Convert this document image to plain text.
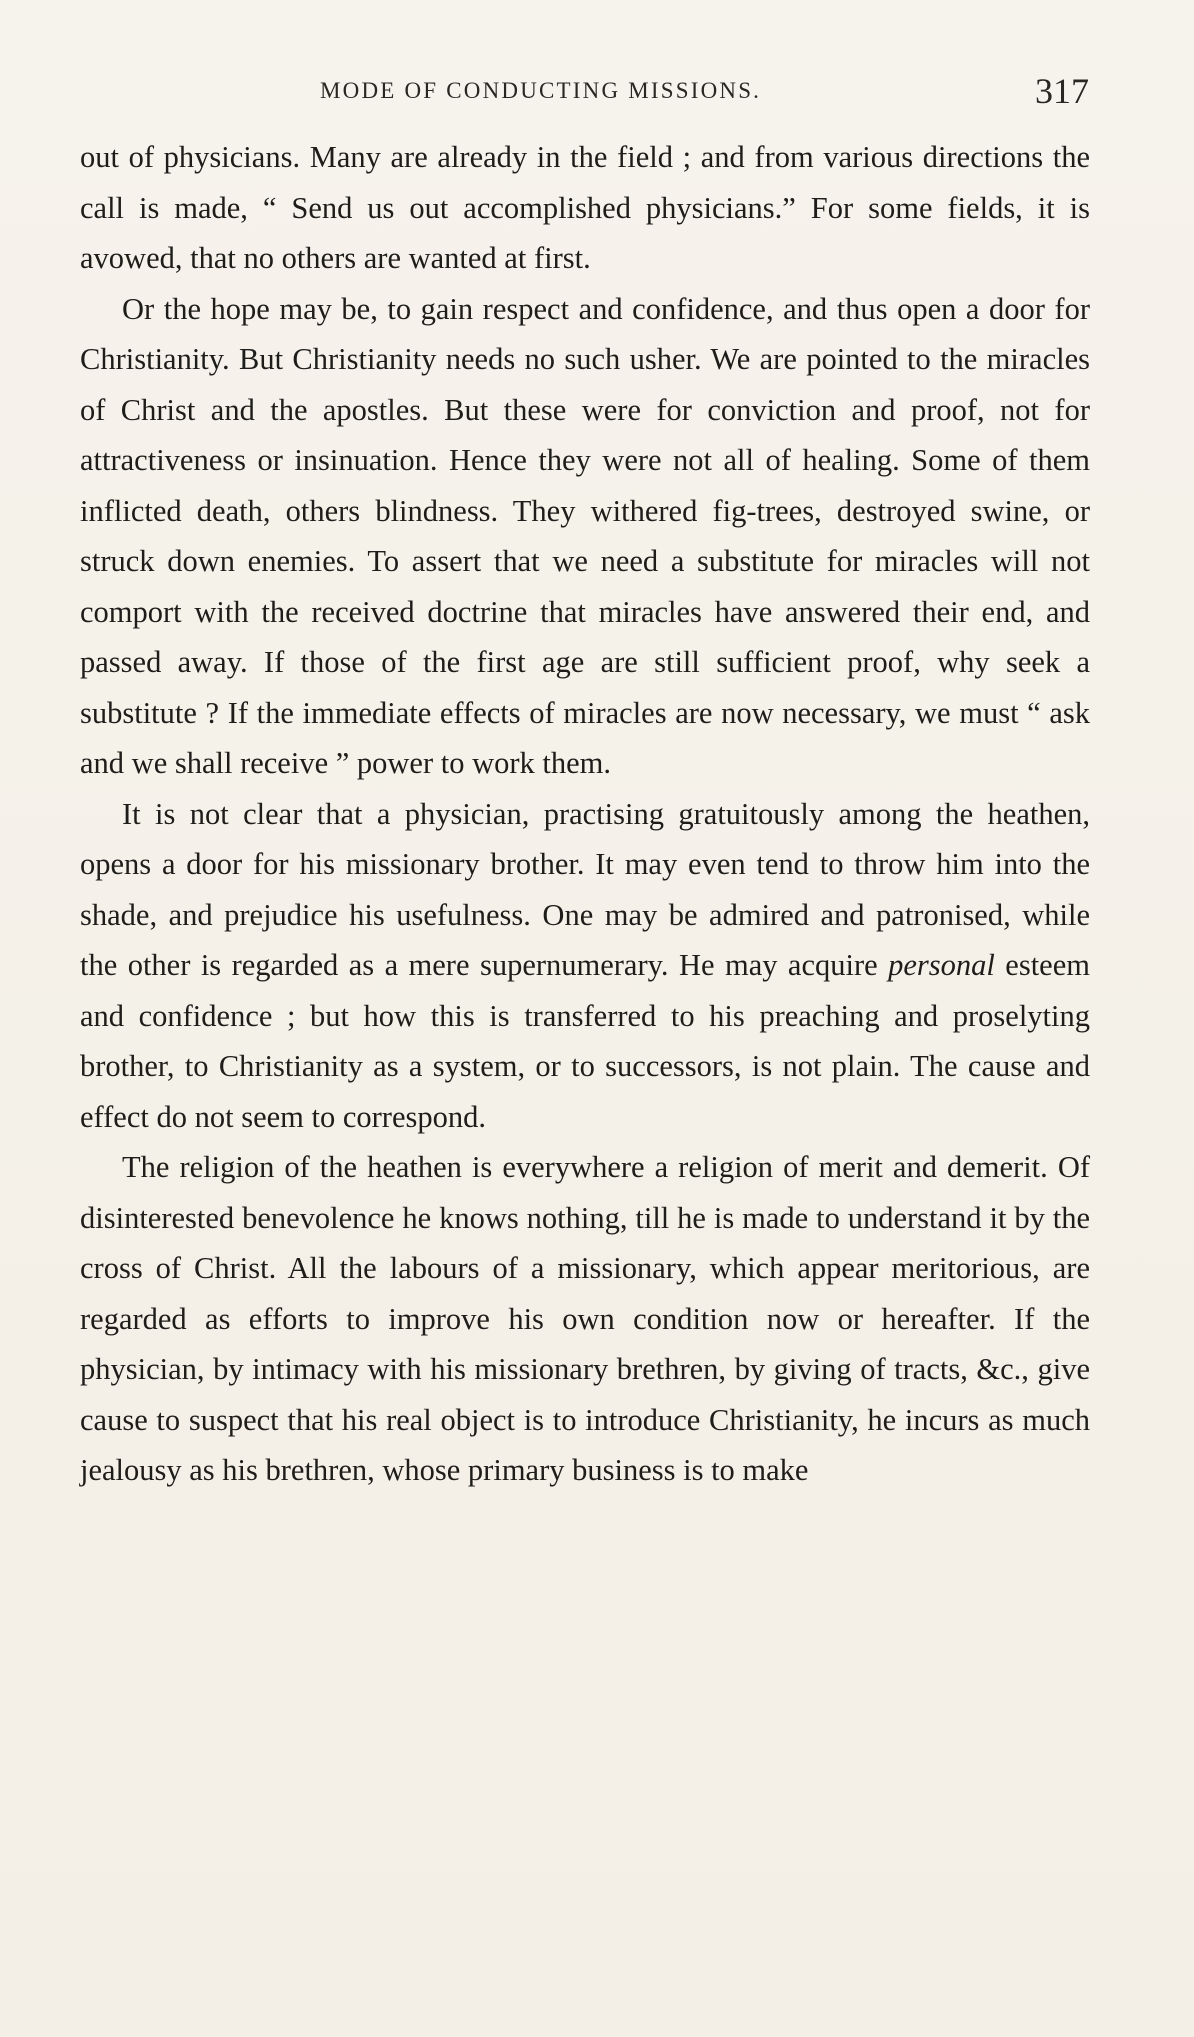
MODE OF CONDUCTING MISSIONS.	317

out of physicians. Many are already in the field ; and from various directions the call is made, “ Send us out accomplished physicians.” For some fields, it is avowed, that no others are wanted at first.

Or the hope may be, to gain respect and confidence, and thus open a door for Christianity. But Christianity needs no such usher. We are pointed to the miracles of Christ and the apostles. But these were for conviction and proof, not for attractiveness or insinuation. Hence they were not all of healing. Some of them inflicted death, others blindness. They withered fig-trees, destroyed swine, or struck down enemies. To assert that we need a substitute for miracles will not comport with the received doctrine that miracles have answered their end, and passed away. If those of the first age are still sufficient proof, why seek a substitute ? If the immediate effects of miracles are now necessary, we must “ ask and we shall receive ” power to work them.

It is not clear that a physician, practising gratuitously among the heathen, opens a door for his missionary brother. It may even tend to throw him into the shade, and prejudice his usefulness. One may be admired and patronised, while the other is regarded as a mere supernumerary. He may acquire personal esteem and confidence ; but how this is transferred to his preaching and proselyting brother, to Christianity as a system, or to successors, is not plain. The cause and effect do not seem to correspond.

The religion of the heathen is everywhere a religion of merit and demerit. Of disinterested benevolence he knows nothing, till he is made to understand it by the cross of Christ. All the labours of a missionary, which appear meritorious, are regarded as efforts to improve his own condition now or hereafter. If the physician, by intimacy with his missionary brethren, by giving of tracts, &c., give cause to suspect that his real object is to introduce Christianity, he incurs as much jealousy as his brethren, whose primary business is to make
